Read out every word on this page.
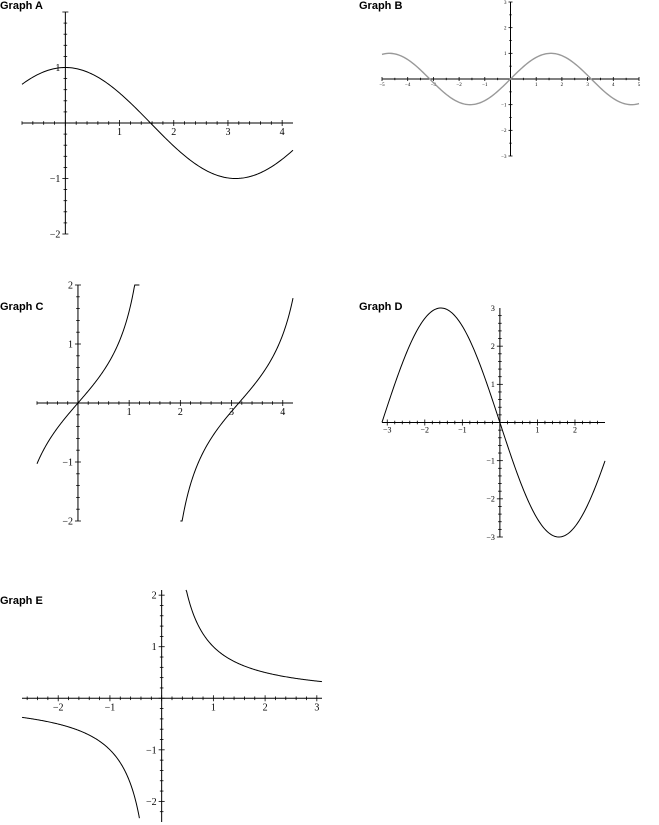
Graph A	Graph B
Graph C	Graph D
Graph E
1	2	3	4
1
−1
−2
−5	−4	−3	−2	−1	1	2	3	4	5
3
2
1
−1
−2
−3
1	2	3	4
2
1
−1
−2
−3	−2	−1	1	2
3
2
1
−1
−2
−3
−2	−1	1	2	3
2
1
−1
−2
